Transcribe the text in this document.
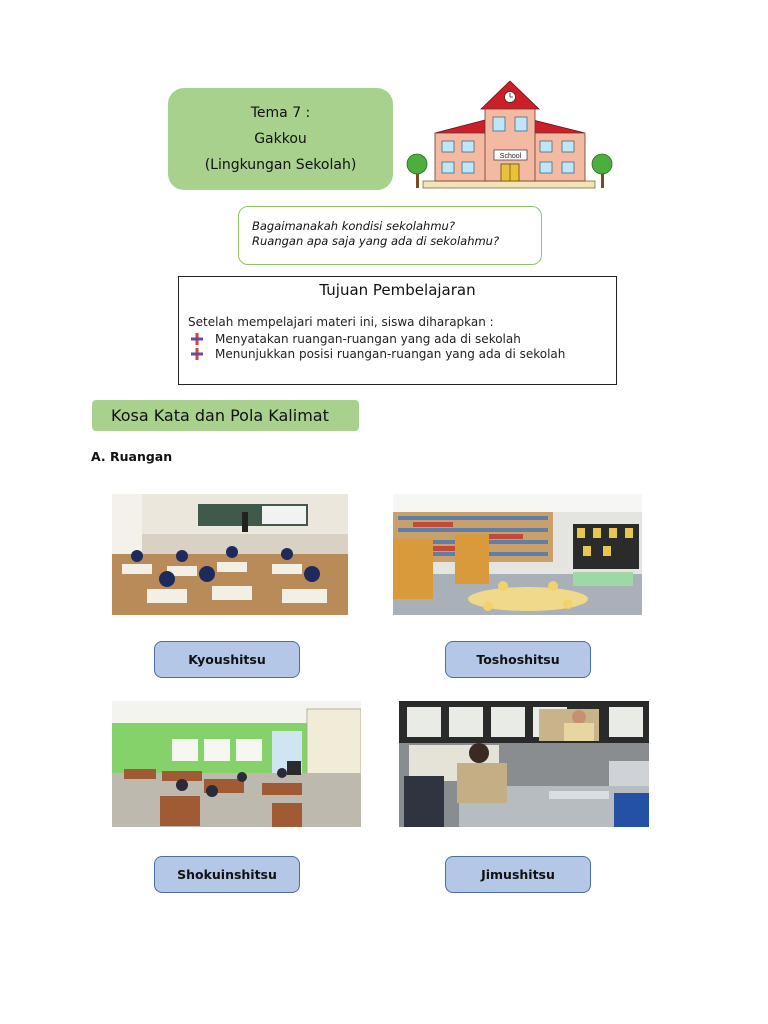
Tema 7 :
Gakkou
(Lingkungan Sekolah)
School
Bagaimanakah kondisi sekolahmu?
Ruangan apa saja yang ada di sekolahmu?
Tujuan Pembelajaran
Setelah mempelajari materi ini, siswa diharapkan :
Menyatakan ruangan-ruangan yang ada di sekolah
Menunjukkan posisi ruangan-ruangan yang ada di sekolah
Kosa Kata dan Pola Kalimat
A. Ruangan
Kyoushitsu	Toshoshitsu
Shokuinshitsu	Jimushitsu
